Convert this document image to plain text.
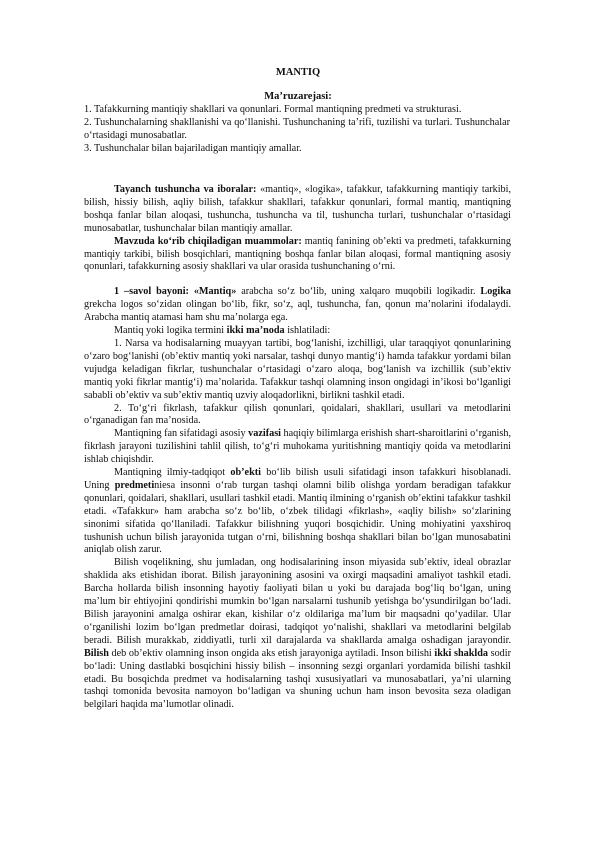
MANTIQ
Ma’ruzarejasi:

1. Tafakkurning mantiqiy shakllari va qonunlari. Formal mantiqning predmeti va strukturasi.

2. Tushunchalarning shakllanishi va qo‘llanishi. Tushunchaning ta’rifi, tuzilishi va turlari. Tushunchalar o‘rtasidagi munosabatlar.

3. Tushunchalar bilan bajariladigan mantiqiy amallar.

Tayanch tushuncha va iboralar: «mantiq», «logika», tafakkur, tafakkurning mantiqiy tarkibi, bilish, hissiy bilish, aqliy bilish, tafakkur shakllari, tafakkur qonunlari, formal mantiq, mantiqning boshqa fanlar bilan aloqasi, tushuncha, tushuncha va til, tushuncha turlari, tushunchalar o‘rtasidagi munosabatlar, tushunchalar bilan mantiqiy amallar.

Mavzuda ko‘rib chiqiladigan muammolar: mantiq fanining ob’ekti va predmeti, tafakkurning mantiqiy tarkibi, bilish bosqichlari, mantiqning boshqa fanlar bilan aloqasi, formal mantiqning asosiy qonunlari, tafakkurning asosiy shakllari va ular orasida tushunchaning o‘rni.

1 –savol bayoni: «Mantiq» arabcha so‘z bo‘lib, uning xalqaro muqobili logikadir. Logika grekcha logos so‘zidan olingan bo‘lib, fikr, so‘z, aql, tushuncha, fan, qonun ma’nolarini ifodalaydi. Arabcha mantiq atamasi ham shu ma’nolarga ega.

Mantiq yoki logika termini ikki ma’noda ishlatiladi:

1. Narsa va hodisalarning muayyan tartibi, bog‘lanishi, izchilligi, ular taraqqiyot qonunlarining o‘zaro bog‘lanishi (ob’ektiv mantiq yoki narsalar, tashqi dunyo mantig‘i) hamda tafakkur yordami bilan vujudga keladigan fikrlar, tushunchalar o‘rtasidagi o‘zaro aloqa, bog‘lanish va izchillik (sub’ektiv mantiq yoki fikrlar mantig‘i) ma’nolarida. Tafakkur tashqi olamning inson ongidagi in’ikosi bo‘lganligi sababli ob’ektiv va sub’ektiv mantiq uzviy aloqadorlikni, birlikni tashkil etadi.

2. To‘g‘ri fikrlash, tafakkur qilish qonunlari, qoidalari, shakllari, usullari va metodlarini o‘rganadigan fan ma’nosida.

Mantiqning fan sifatidagi asosiy vazifasi haqiqiy bilimlarga erishish shart-sharoitlarini o‘rganish, fikrlash jarayoni tuzilishini tahlil qilish, to‘g‘ri muhokama yuritishning mantiqiy qoida va metodlarini ishlab chiqishdir.

Mantiqning ilmiy-tadqiqot ob’ekti bo‘lib bilish usuli sifatidagi inson tafakkuri hisoblanadi. Uning predmetiniesa insonni o‘rab turgan tashqi olamni bilib olishga yordam beradigan tafakkur qonunlari, qoidalari, shakllari, usullari tashkil etadi. Mantiq ilmining o‘rganish ob’ektini tafakkur tashkil etadi. «Tafakkur» ham arabcha so‘z bo‘lib, o‘zbek tilidagi «fikrlash», «aqliy bilish» so‘zlarining sinonimi sifatida qo‘llaniladi. Tafakkur bilishning yuqori bosqichidir. Uning mohiyatini yaxshiroq tushunish uchun bilish jarayonida tutgan o‘rni, bilishning boshqa shakllari bilan bo‘lgan munosabatini aniqlab olish zarur.

Bilish voqelikning, shu jumladan, ong hodisalarining inson miyasida sub’ektiv, ideal obrazlar shaklida aks etishidan iborat. Bilish jarayonining asosini va oxirgi maqsadini amaliyot tashkil etadi. Barcha hollarda bilish insonning hayotiy faoliyati bilan u yoki bu darajada bog‘liq bo‘lgan, uning ma’lum bir ehtiyojini qondirishi mumkin bo‘lgan narsalarni tushunib yetishga bo‘ysundirilgan bo‘ladi. Bilish jarayonini amalga oshirar ekan, kishilar o‘z oldilariga ma’lum bir maqsadni qo‘yadilar. Ular o‘rganilishi lozim bo‘lgan predmetlar doirasi, tadqiqot yo‘nalishi, shakllari va metodlarini belgilab beradi. Bilish murakkab, ziddiyatli, turli xil darajalarda va shakllarda amalga oshadigan jarayondir. Bilish deb ob’ektiv olamning inson ongida aks etish jarayoniga aytiladi. Inson bilishi ikki shaklda sodir bo‘ladi: Uning dastlabki bosqichini hissiy bilish – insonning sezgi organlari yordamida bilishi tashkil etadi. Bu bosqichda predmet va hodisalarning tashqi xususiyatlari va munosabatlari, ya’ni ularning tashqi tomonida bevosita namoyon bo‘ladigan va shuning uchun ham inson bevosita seza oladigan belgilari haqida ma’lumotlar olinadi.
